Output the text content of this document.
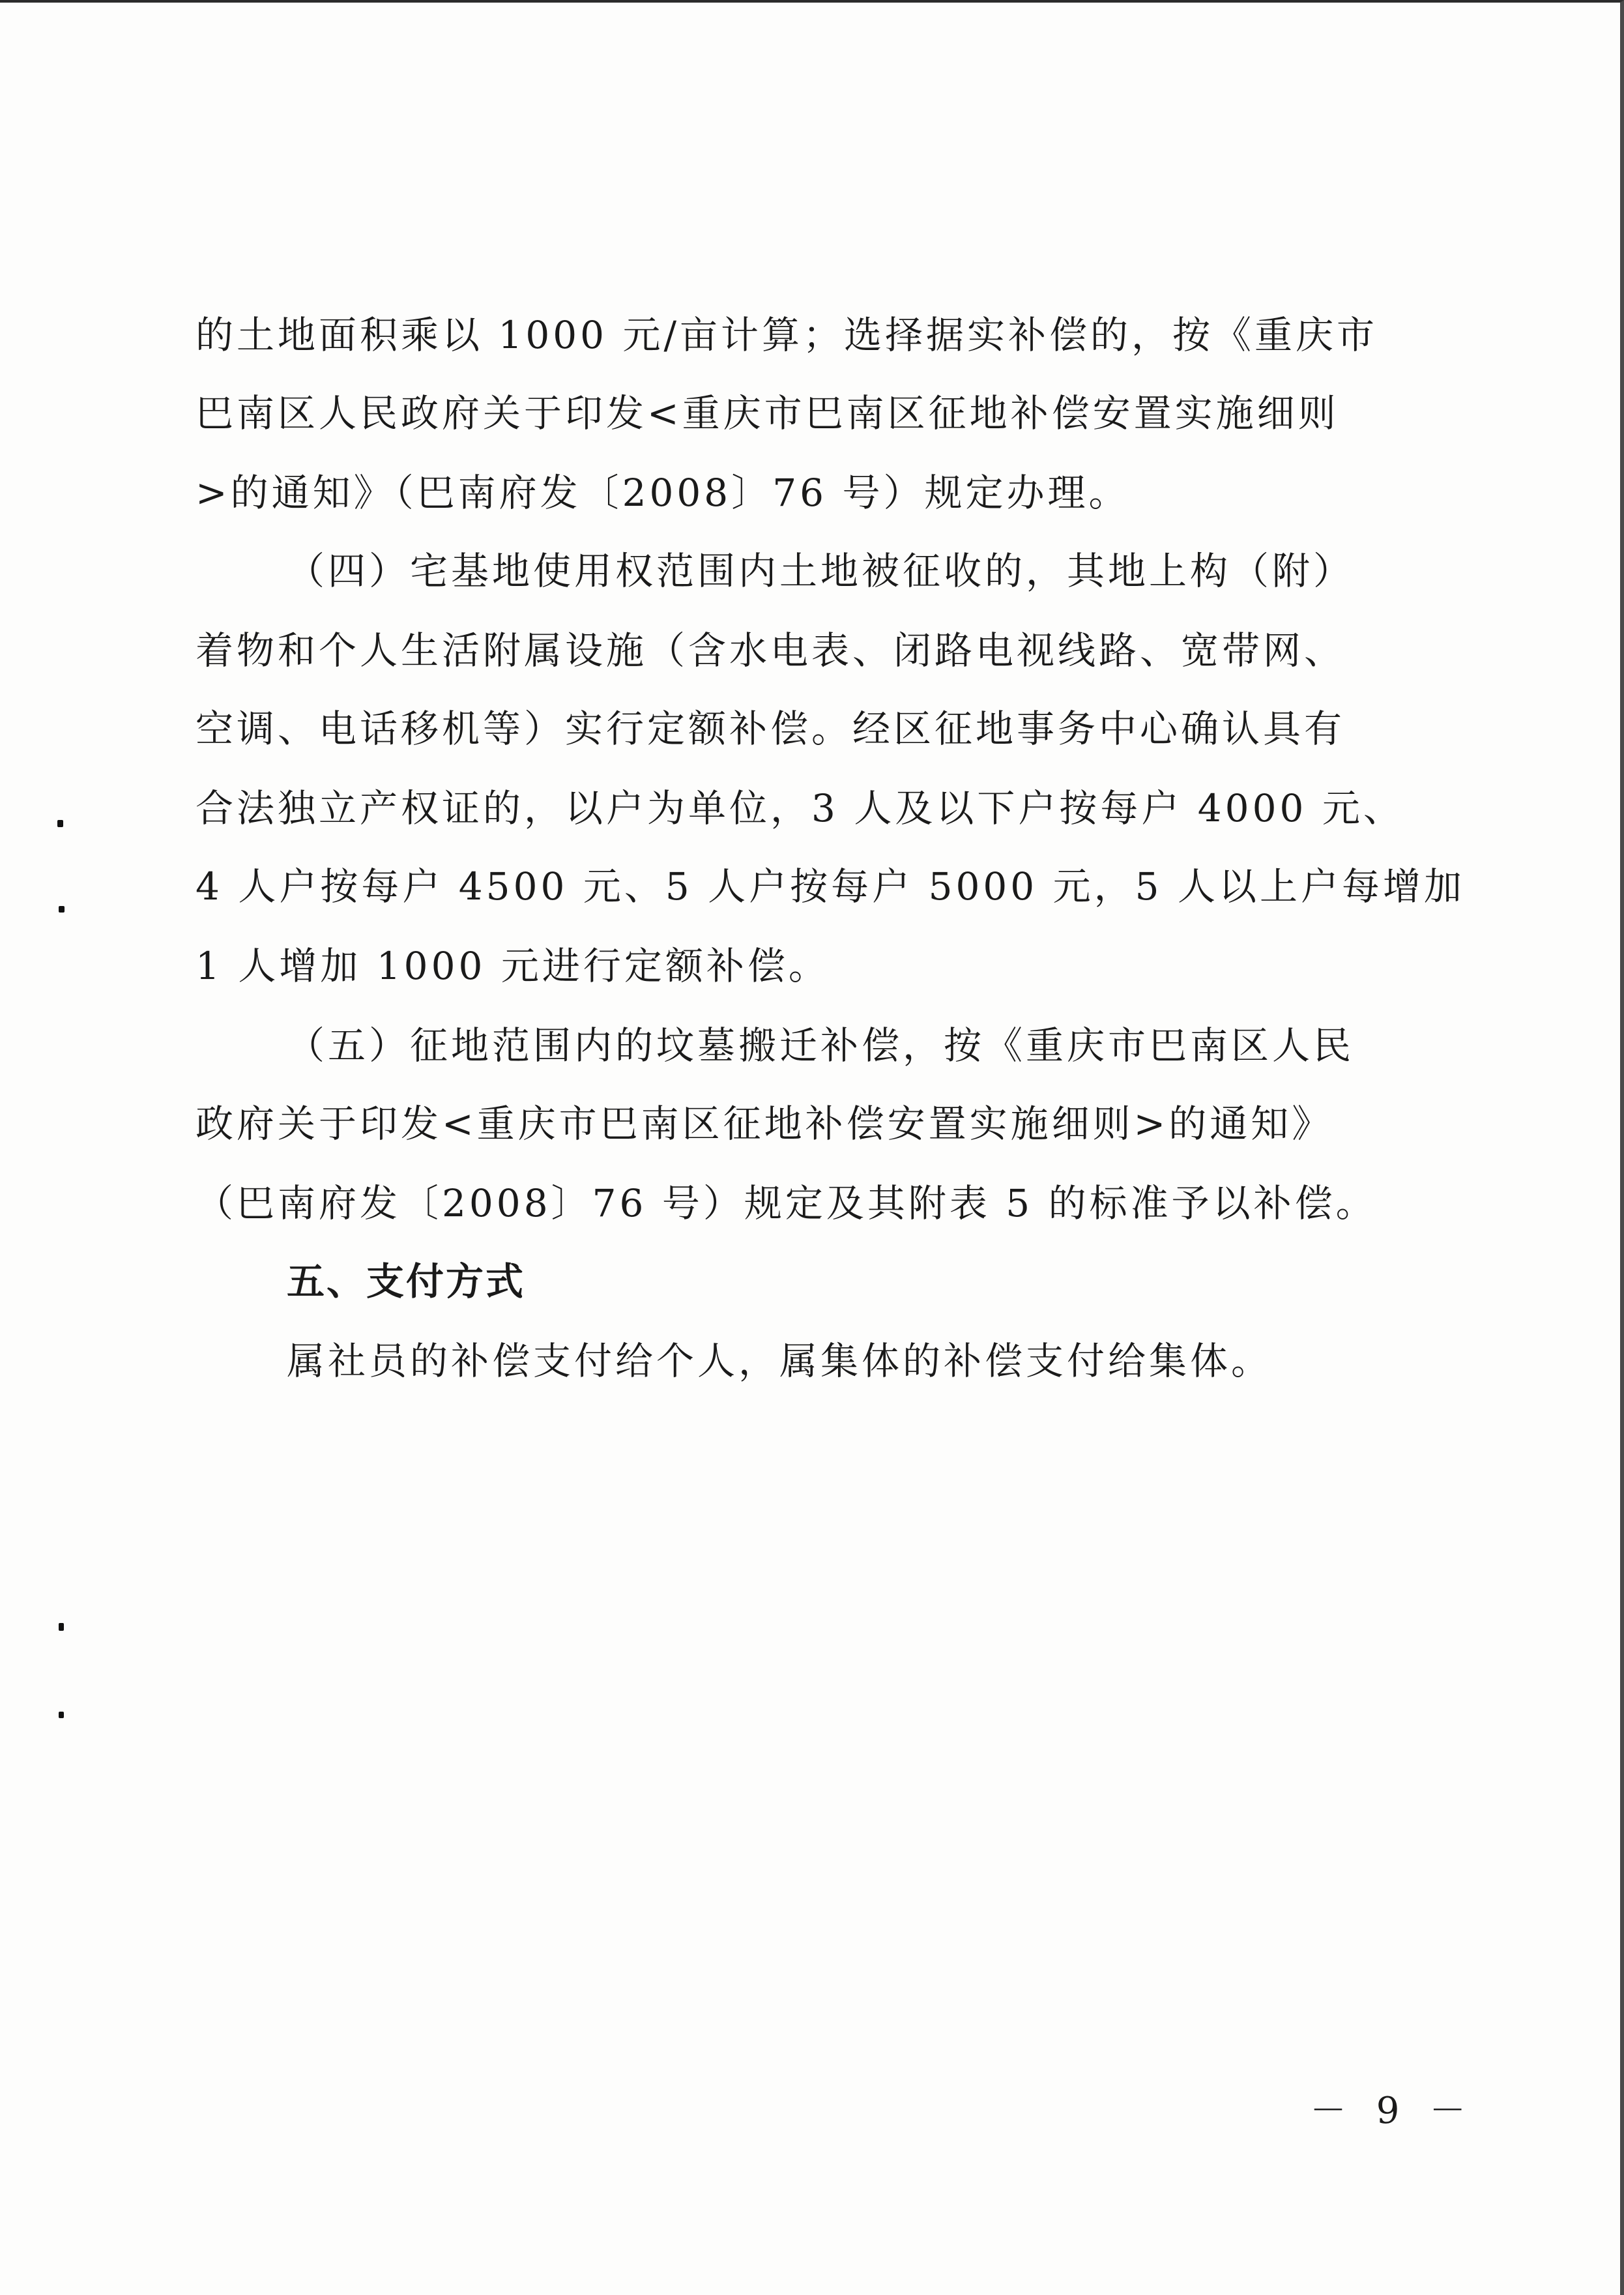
的土地面积乘以 1000 元/亩计算；选择据实补偿的，按《重庆市
巴南区人民政府关于印发<重庆市巴南区征地补偿安置实施细则
>的通知》（巴南府发〔2008〕76 号）规定办理。
（四）宅基地使用权范围内土地被征收的，其地上构（附）
着物和个人生活附属设施（含水电表、闭路电视线路、宽带网、
空调、电话移机等）实行定额补偿。经区征地事务中心确认具有
合法独立产权证的，以户为单位，3 人及以下户按每户 4000 元、
4 人户按每户 4500 元、5 人户按每户 5000 元，5 人以上户每增加
1 人增加 1000 元进行定额补偿。
（五）征地范围内的坟墓搬迁补偿，按《重庆市巴南区人民
政府关于印发<重庆市巴南区征地补偿安置实施细则>的通知》
（巴南府发〔2008〕76 号）规定及其附表 5 的标准予以补偿。
五、支付方式
属社员的补偿支付给个人，属集体的补偿支付给集体。
－ 9 －
